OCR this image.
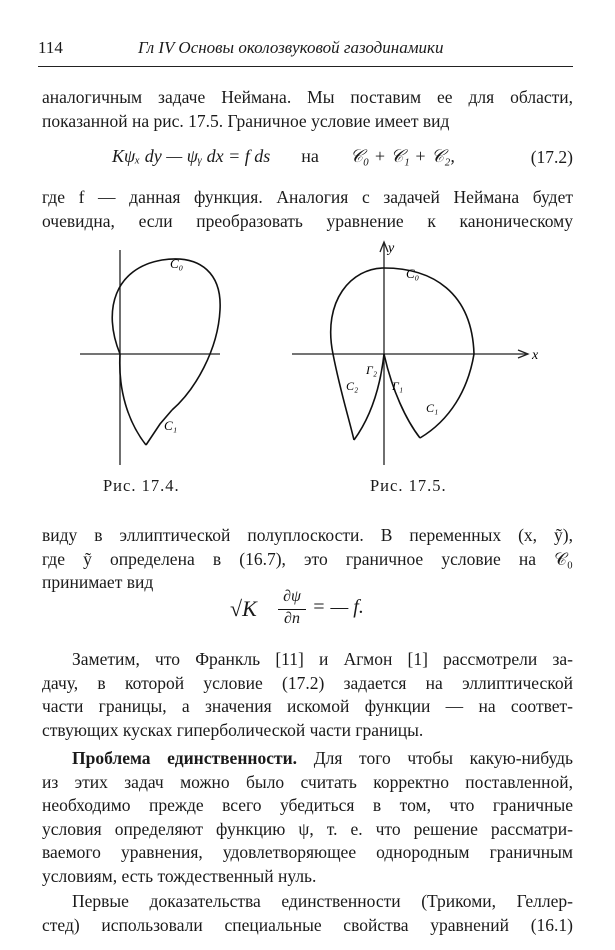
114	Гл IV Основы околозвуковой газодинамики
аналогичным задаче Неймана. Мы поставим ее для области,
показанной на рис. 17.5. Граничное условие имеет вид
Kψₓ dy — ψᵧ dx = f ds на 𝒞₀ + 𝒞₁ + 𝒞₂,	(17.2)
где f — данная функция. Аналогия с задачей Неймана будет
очевидна, если преобразовать уравнение к каноническому
C₀
C₁
y
x
C₀
Γ₂
C₂	Γ₁
C₁
Рис. 17.4.	Рис. 17.5.
виду в эллиптической полуплоскости. В переменных (x, ỹ),
где ỹ определена в (16.7), это граничное условие на 𝒞₀
принимает вид
√K	∂ψ
∂n
= — f.
Заметим, что Франкль [11] и Агмон [1] рассмотрели за-
дачу, в которой условие (17.2) задается на эллиптической
части границы, а значения искомой функции — на соответ-
ствующих кусках гиперболической части границы.
Проблема единственности. Для того чтобы какую-нибудь
из этих задач можно было считать корректно поставленной,
необходимо прежде всего убедиться в том, что граничные
условия определяют функцию ψ, т. е. что решение рассматри-
ваемого уравнения, удовлетворяющее однородным граничным
условиям, есть тождественный нуль.
Первые доказательства единственности (Трикоми, Геллер-
стед) использовали специальные свойства уравнений (16.1)
